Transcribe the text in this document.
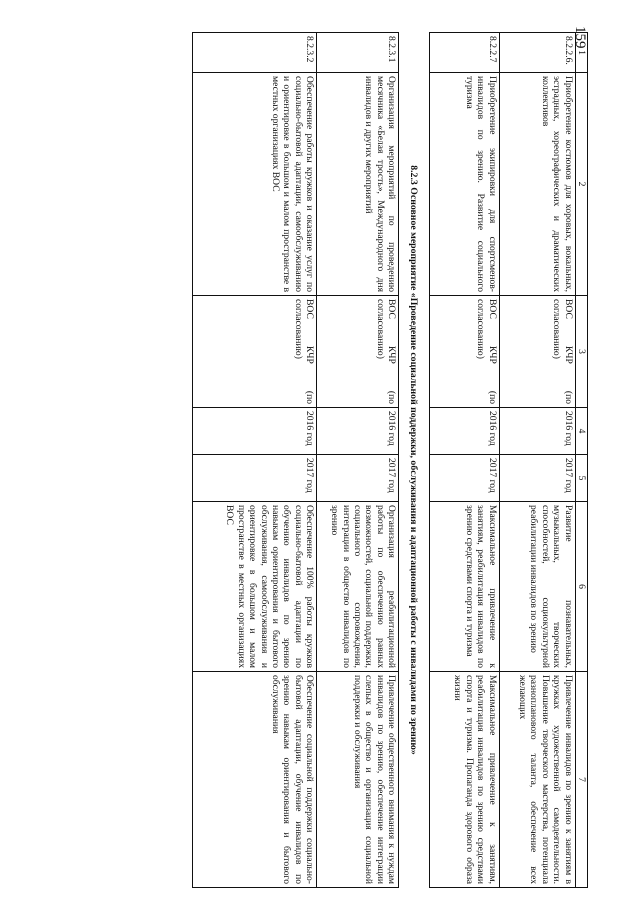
159
1	2	3	4	5	6	7
8.2.2.6.	Приобретение костюмов для хоровых, вокальных, эстрадных, хореографических и драматических коллективов	ВОС КЧР (по согласованию)	2016 год	2017 год	Развитие познавательных, музыкальных, творческих способностей, социокультурной реабилитации инвалидов по зрению	Привлечение инвалидов по зрению к занятиям в кружках художественной самодеятельности. Повышение творческого мастерства, потенциала разнопланового таланта, обеспечение всех желающих
8.2.2.7	Приобретение экипировки для спортсменов-инвалидов по зрению. Развитие социального туризма	ВОС КЧР (по согласованию)	2016 год	2017 год	Максимальное привлечение к занятиям, реабилитация инвалидов по зрению средствами спорта и туризма	Максимальное привлечение к занятиям, реабилитация инвалидов по зрению средствами спорта и туризма. Пропаганда здорового образа жизни
8.2.3 Основное мероприятие «Проведение социальной поддержки, обслуживания и адаптационной работы с инвалидами по зрению»						
8.2.3.1	Организация мероприятий по проведению месячника «Белая трость», Международного дня инвалидов и других мероприятий	ВОС КЧР (по согласованию)	2016 год	2017 год	Организация реабилитационной работы по обеспечению равных возможностей, социальной поддержки, социального сопровождения, интеграции в общество инвалидов по зрению	Привлечение общественного внимания к нуждам инвалидов по зрению, обеспечение интеграции слепых в общество и организация социальной поддержки и обслуживания
8.2.3.2	Обеспечение работы кружков и оказание услуг по социально-бытовой адаптации, самообслуживанию и ориентировке в большом и малом пространстве в местных организациях ВОС	ВОС КЧР (по согласованию)	2016 год	2017 год	Обеспечение 100% работы кружков социально-бытовой адаптации по обучению инвалидов по зрению навыкам ориентирования и бытового обслуживания, самообслуживания и ориентировке в большом и малом пространстве в местных организациях ВОС	Обеспечение социальной поддержки социально-бытовой адаптации, обучение инвалидов по зрению навыкам ориентирования и бытового обслуживания
